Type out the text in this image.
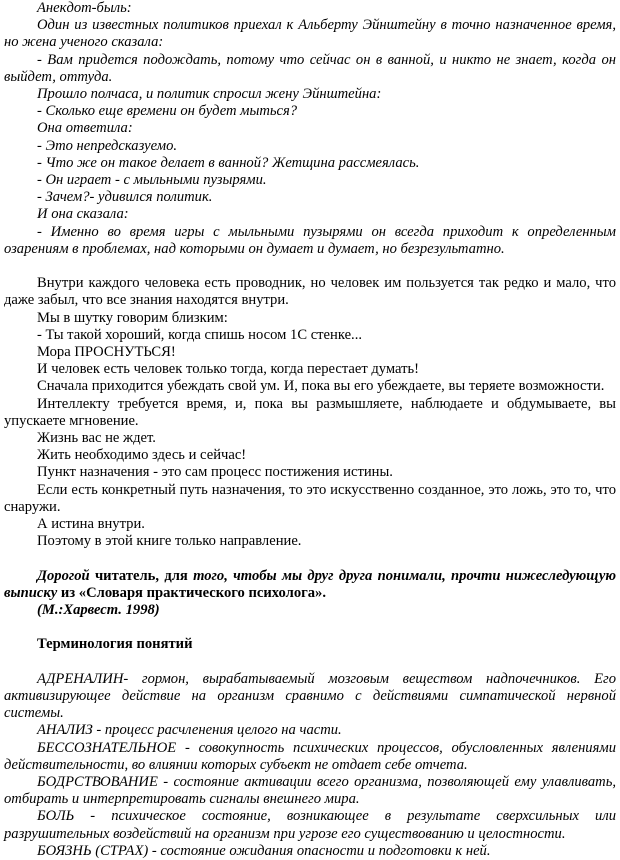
Анекдот-быль:

Один из известных политиков приехал к Альберту Эйнштейну в точно назначенное время, но жена ученого сказала:

- Вам придется подождать, потому что сейчас он в ванной, и никто не знает, когда он выйдет, оттуда.

Прошло полчаса, и политик спросил жену Эйнштейна:

- Сколько еще времени он будет мыться?

Она ответила:

- Это непредсказуемо.

- Что же он такое делает в ванной? Жетщина рассмеялась.

- Он играет - с мыльными пузырями.

- Зачем?- удивился политик.

И она сказала:

- Именно во время игры с мыльными пузырями он всегда приходит к определенным озарениям в проблемах, над которыми он думает и думает, но безрезультатно.

Внутри каждого человека есть проводник, но человек им пользуется так редко и мало, что даже забыл, что все знания находятся внутри.

Мы в шутку говорим близким:

- Ты такой хороший, когда спишь носом 1С стенке...

Мора ПРОСНУТЬСЯ!

И человек есть человек только тогда, когда перестает думать!

Сначала приходится убеждать свой ум. И, пока вы его убеждаете, вы теряете возможности.

Интеллекту требуется время, и, пока вы размышляете, наблюдаете и обдумываете, вы упускаете мгновение.

Жизнь вас не ждет.

Жить необходимо здесь и сейчас!

Пункт назначения - это сам процесс постижения истины.

Если есть конкретный путь назначения, то это искусственно созданное, это ложь, это то, что снаружи.

А истина внутри.

Поэтому в этой книге только направление.

Дорогой читатель, для того, чтобы мы друг друга понимали, прочти нижеследующую выписку из «Словаря практического психолога».

(М.:Харвест. 1998)

Терминология понятий

АДРЕНАЛИН- гормон, вырабатываемый мозговым веществом надпочечников. Его активизирующее действие на организм сравнимо с действиями симпатической нервной системы.

АНАЛИЗ - процесс расчленения целого на части.

БЕССОЗНАТЕЛЬНОЕ - совокупность психических процессов, обусловленных явлениями действительности, во влиянии которых субъект не отдает себе отчета.

БОДРСТВОВАНИЕ - состояние активации всего организма, позволяющей ему улавливать, отбирать и интерпретировать сигналы внешнего мира.

БОЛЬ - психическое состояние, возникающее в результате сверхсильных или разрушительных воздействий на организм при угрозе его существованию и целостности.

БОЯЗНЬ (СТРАХ) - состояние ожидания опасности и подготовки к ней.
